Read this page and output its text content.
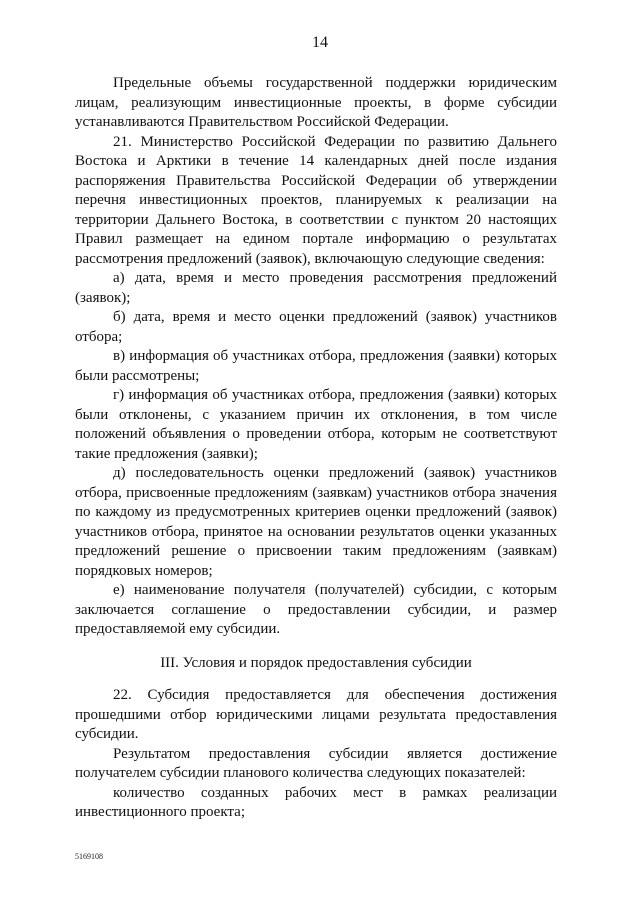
14

Предельные объемы государственной поддержки юридическим лицам, реализующим инвестиционные проекты, в форме субсидии устанавливаются Правительством Российской Федерации.

21. Министерство Российской Федерации по развитию Дальнего Востока и Арктики в течение 14 календарных дней после издания распоряжения Правительства Российской Федерации об утверждении перечня инвестиционных проектов, планируемых к реализации на территории Дальнего Востока, в соответствии с пунктом 20 настоящих Правил размещает на едином портале информацию о результатах рассмотрения предложений (заявок), включающую следующие сведения:

а) дата, время и место проведения рассмотрения предложений (заявок);

б) дата, время и место оценки предложений (заявок) участников отбора;

в) информация об участниках отбора, предложения (заявки) которых были рассмотрены;

г) информация об участниках отбора, предложения (заявки) которых были отклонены, с указанием причин их отклонения, в том числе положений объявления о проведении отбора, которым не соответствуют такие предложения (заявки);

д) последовательность оценки предложений (заявок) участников отбора, присвоенные предложениям (заявкам) участников отбора значения по каждому из предусмотренных критериев оценки предложений (заявок) участников отбора, принятое на основании результатов оценки указанных предложений решение о присвоении таким предложениям (заявкам) порядковых номеров;

е) наименование получателя (получателей) субсидии, с которым заключается соглашение о предоставлении субсидии, и размер предоставляемой ему субсидии.

III. Условия и порядок предоставления субсидии

22. Субсидия предоставляется для обеспечения достижения прошедшими отбор юридическими лицами результата предоставления субсидии.

Результатом предоставления субсидии является достижение получателем субсидии планового количества следующих показателей:

количество созданных рабочих мест в рамках реализации инвестиционного проекта;

5169108
